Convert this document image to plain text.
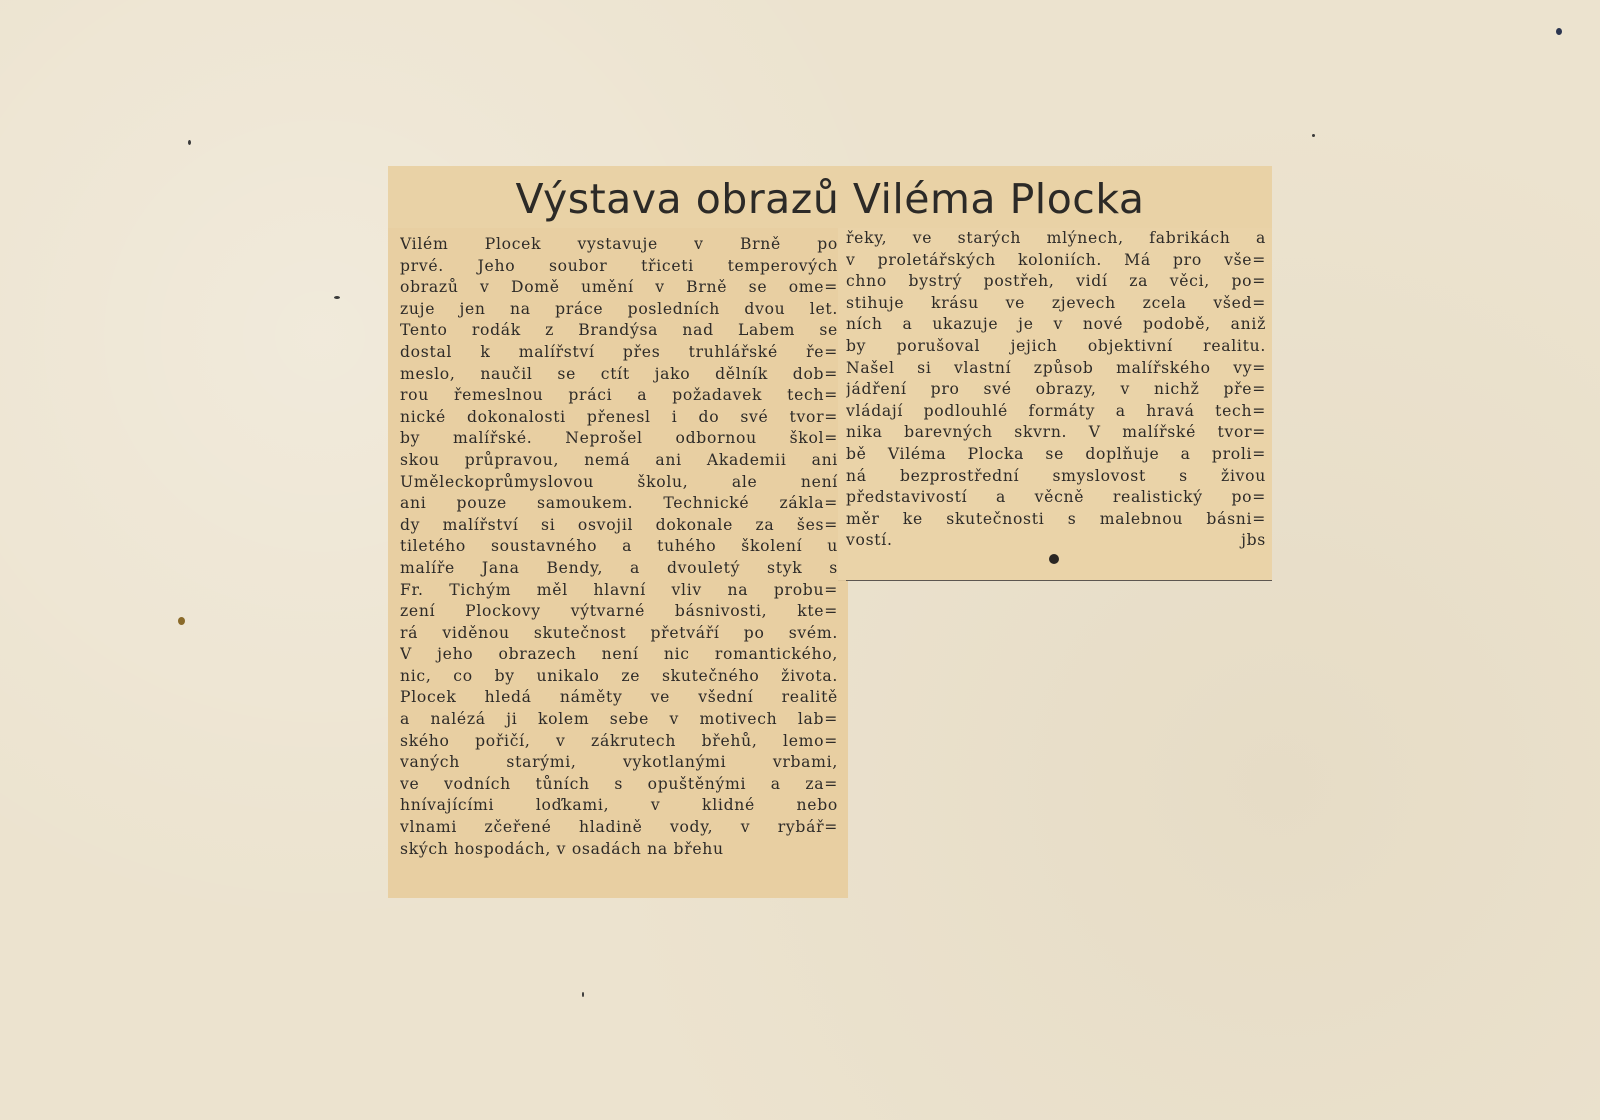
Výstava obrazů Viléma Plocka
Vilém Plocek vystavuje v Brně po
prvé. Jeho soubor třiceti temperových
obrazů v Domě umění v Brně se ome=
zuje jen na práce posledních dvou let.
Tento rodák z Brandýsa nad Labem se
dostal k malířství přes truhlářské ře=
meslo, naučil se ctít jako dělník dob=
rou řemeslnou práci a požadavek tech=
nické dokonalosti přenesl i do své tvor=
by malířské. Neprošel odbornou škol=
skou průpravou, nemá ani Akademii ani
Uměleckoprůmyslovou školu, ale není
ani pouze samoukem. Technické zákla=
dy malířství si osvojil dokonale za šes=
tiletého soustavného a tuhého školení u
malíře Jana Bendy, a dvouletý styk s
Fr. Tichým měl hlavní vliv na probu=
zení Plockovy výtvarné básnivosti, kte=
rá viděnou skutečnost přetváří po svém.
V jeho obrazech není nic romantického,
nic, co by unikalo ze skutečného života.
Plocek hledá náměty ve všední realitě
a nalézá ji kolem sebe v motivech lab=
ského pořičí, v zákrutech břehů, lemo=
vaných starými, vykotlanými vrbami,
ve vodních tůních s opuštěnými a za=
hnívajícími loďkami, v klidné nebo
vlnami zčeřené hladině vody, v rybář=
ských hospodách, v osadách na břehu
řeky, ve starých mlýnech, fabrikách a
v proletářských koloniích. Má pro vše=
chno bystrý postřeh, vidí za věci, po=
stihuje krásu ve zjevech zcela všed=
ních a ukazuje je v nové podobě, aniž
by porušoval jejich objektivní realitu.
Našel si vlastní způsob malířského vy=
jádření pro své obrazy, v nichž pře=
vládají podlouhlé formáty a hravá tech=
nika barevných skvrn. V malířské tvor=
bě Viléma Plocka se doplňuje a proli=
ná bezprostřední smyslovost s živou
představivostí a věcně realistický po=
měr ke skutečnosti s malebnou básni=
vostí.	jbs
